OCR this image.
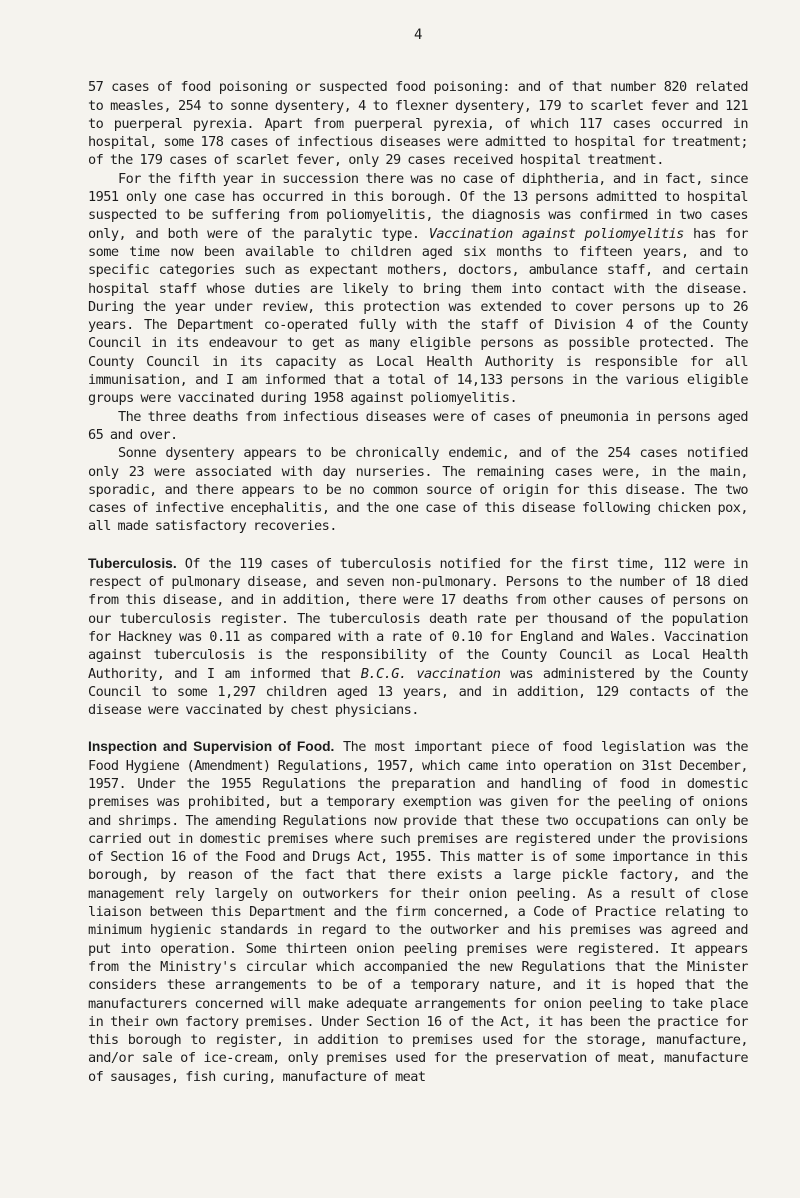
4

57 cases of food poisoning or suspected food poisoning: and of that number 820 related to measles, 254 to sonne dysentery, 4 to flexner dysentery, 179 to scarlet fever and 121 to puerperal pyrexia. Apart from puerperal pyrexia, of which 117 cases occurred in hospital, some 178 cases of infectious diseases were admitted to hospital for treatment; of the 179 cases of scarlet fever, only 29 cases received hospital treatment.

For the fifth year in succession there was no case of diphtheria, and in fact, since 1951 only one case has occurred in this borough. Of the 13 persons admitted to hospital suspected to be suffering from poliomyelitis, the diagnosis was confirmed in two cases only, and both were of the paralytic type. Vaccination against poliomyelitis has for some time now been available to children aged six months to fifteen years, and to specific categories such as expectant mothers, doctors, ambulance staff, and certain hospital staff whose duties are likely to bring them into contact with the disease. During the year under review, this protection was extended to cover persons up to 26 years. The Department co-operated fully with the staff of Division 4 of the County Council in its endeavour to get as many eligible persons as possible protected. The County Council in its capacity as Local Health Authority is responsible for all immunisation, and I am informed that a total of 14,133 persons in the various eligible groups were vaccinated during 1958 against poliomyelitis.

The three deaths from infectious diseases were of cases of pneumonia in persons aged 65 and over.

Sonne dysentery appears to be chronically endemic, and of the 254 cases notified only 23 were associated with day nurseries. The remaining cases were, in the main, sporadic, and there appears to be no common source of origin for this disease. The two cases of infective encephalitis, and the one case of this disease following chicken pox, all made satisfactory recoveries.

Tuberculosis. Of the 119 cases of tuberculosis notified for the first time, 112 were in respect of pulmonary disease, and seven non-pulmonary. Persons to the number of 18 died from this disease, and in addition, there were 17 deaths from other causes of persons on our tuberculosis register. The tuberculosis death rate per thousand of the population for Hackney was 0.11 as compared with a rate of 0.10 for England and Wales. Vaccination against tuberculosis is the responsibility of the County Council as Local Health Authority, and I am informed that B.C.G. vaccination was administered by the County Council to some 1,297 children aged 13 years, and in addition, 129 contacts of the disease were vaccinated by chest physicians.

Inspection and Supervision of Food. The most important piece of food legislation was the Food Hygiene (Amendment) Regulations, 1957, which came into operation on 31st December, 1957. Under the 1955 Regulations the preparation and handling of food in domestic premises was prohibited, but a temporary exemption was given for the peeling of onions and shrimps. The amending Regulations now provide that these two occupations can only be carried out in domestic premises where such premises are registered under the provisions of Section 16 of the Food and Drugs Act, 1955. This matter is of some importance in this borough, by reason of the fact that there exists a large pickle factory, and the management rely largely on outworkers for their onion peeling. As a result of close liaison between this Department and the firm concerned, a Code of Practice relating to minimum hygienic standards in regard to the outworker and his premises was agreed and put into operation. Some thirteen onion peeling premises were registered. It appears from the Ministry's circular which accompanied the new Regulations that the Minister considers these arrangements to be of a temporary nature, and it is hoped that the manufacturers concerned will make adequate arrangements for onion peeling to take place in their own factory premises. Under Section 16 of the Act, it has been the practice for this borough to register, in addition to premises used for the storage, manufacture, and/or sale of ice-cream, only premises used for the preservation of meat, manufacture of sausages, fish curing, manufacture of meat
